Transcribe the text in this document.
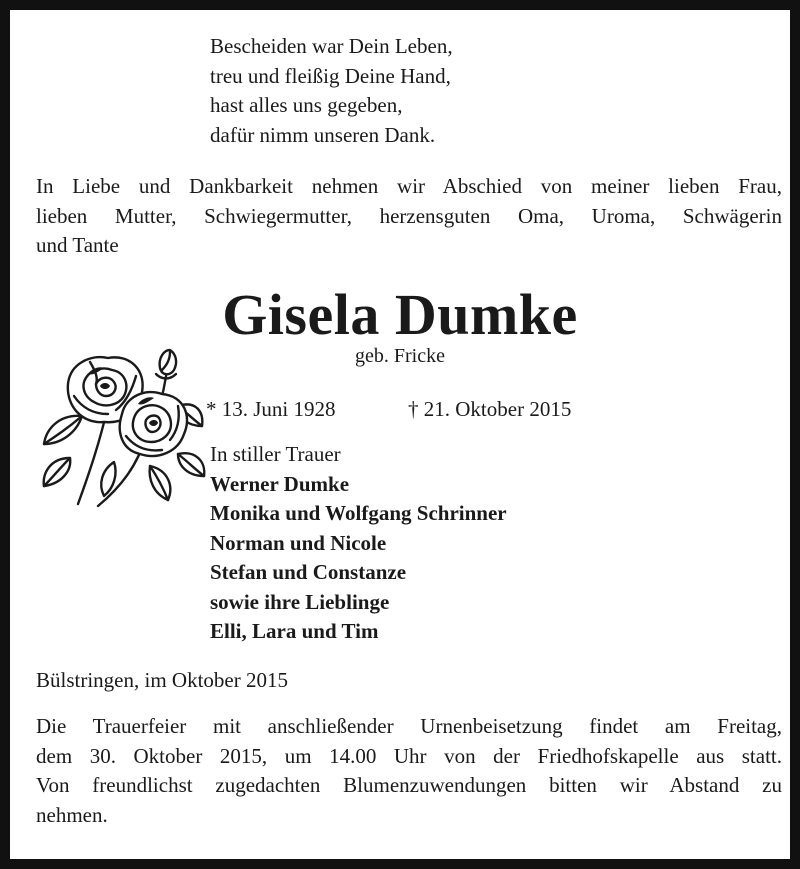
Bescheiden war Dein Leben,
treu und fleißig Deine Hand,
hast alles uns gegeben,
dafür nimm unseren Dank.
In Liebe und Dankbarkeit nehmen wir Abschied von meiner lieben Frau,
lieben Mutter, Schwiegermutter, herzensguten Oma, Uroma, Schwägerin
und Tante
Gisela Dumke
geb. Fricke
* 13. Juni 1928	† 21. Oktober 2015
In stiller Trauer
Werner Dumke
Monika und Wolfgang Schrinner
Norman und Nicole
Stefan und Constanze
sowie ihre Lieblinge
Elli, Lara und Tim
Bülstringen, im Oktober 2015
Die Trauerfeier mit anschließender Urnenbeisetzung findet am Freitag,
dem 30. Oktober 2015, um 14.00 Uhr von der Friedhofskapelle aus statt.
Von freundlichst zugedachten Blumenzuwendungen bitten wir Abstand zu
nehmen.
